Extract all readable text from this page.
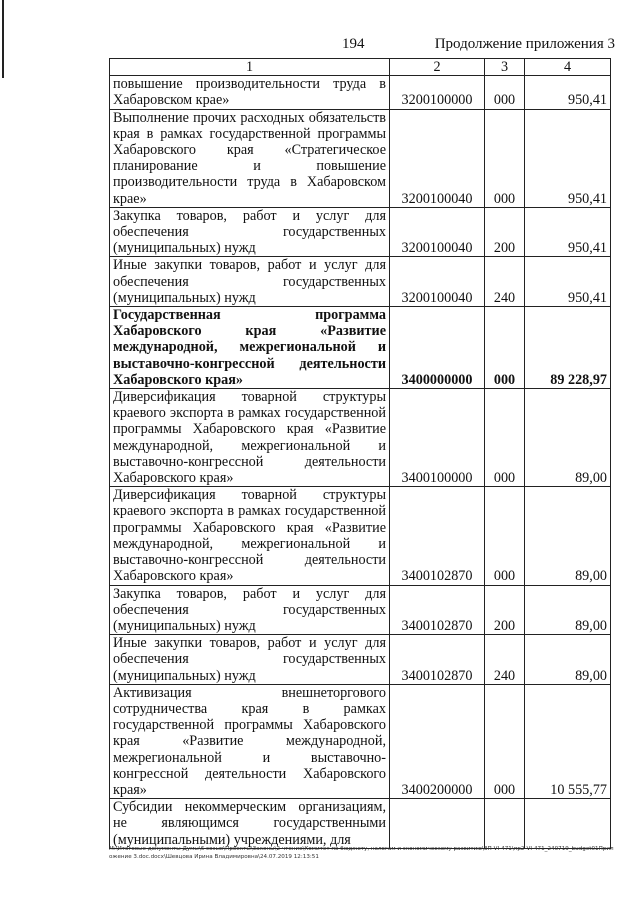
194	Продолжение приложения 3
1	2	3	4
повышение производительности труда в Хабаровском крае»	3200100000	000	950,41
Выполнение прочих расходных обязательств края в рамках государственной программы Хабаровского края «Стратегическое планирование и повышение производительности труда в Хабаровском крае»	3200100040	000	950,41
Закупка товаров, работ и услуг для обеспечения государственных (муниципальных) нужд	3200100040	200	950,41
Иные закупки товаров, работ и услуг для обеспечения государственных (муниципальных) нужд	3200100040	240	950,41
Государственная программа Хабаровского края «Развитие международной, межрегиональной и выставочно-конгрессной деятельности Хабаровского края»	3400000000	000	89 228,97
Диверсификация товарной структуры краевого экспорта в рамках государственной программы Хабаровского края «Развитие международной, межрегиональной и выставочно-конгрессной деятельности Хабаровского края»	3400100000	000	89,00
Диверсификация товарной структуры краевого экспорта в рамках государственной программы Хабаровского края «Развитие международной, межрегиональной и выставочно-конгрессной деятельности Хабаровского края»	3400102870	000	89,00
Закупка товаров, работ и услуг для обеспечения государственных (муниципальных) нужд	3400102870	200	89,00
Иные закупки товаров, работ и услуг для обеспечения государственных (муниципальных) нужд	3400102870	240	89,00
Активизация внешнеторгового сотрудничества края в рамках государственной программы Хабаровского края «Развитие международной, межрегиональной и выставочно-конгрессной деятельности Хабаровского края»	3400200000	000	10 555,77
Субсидии некоммерческим организациям, не являющимся государственными (муниципальными) учреждениями, для			
M:\Итоговые документы Думы\6 созыв\Проекты\Законы\2 чтение\Комитет по бюджету, налогам и экономическому развитию\ЗП-VI-471\пр2-VI-471_240719_budget01Приложение 3.doc.docx\Шевцова Ирина Владимировна\24.07.2019 12:13:51
